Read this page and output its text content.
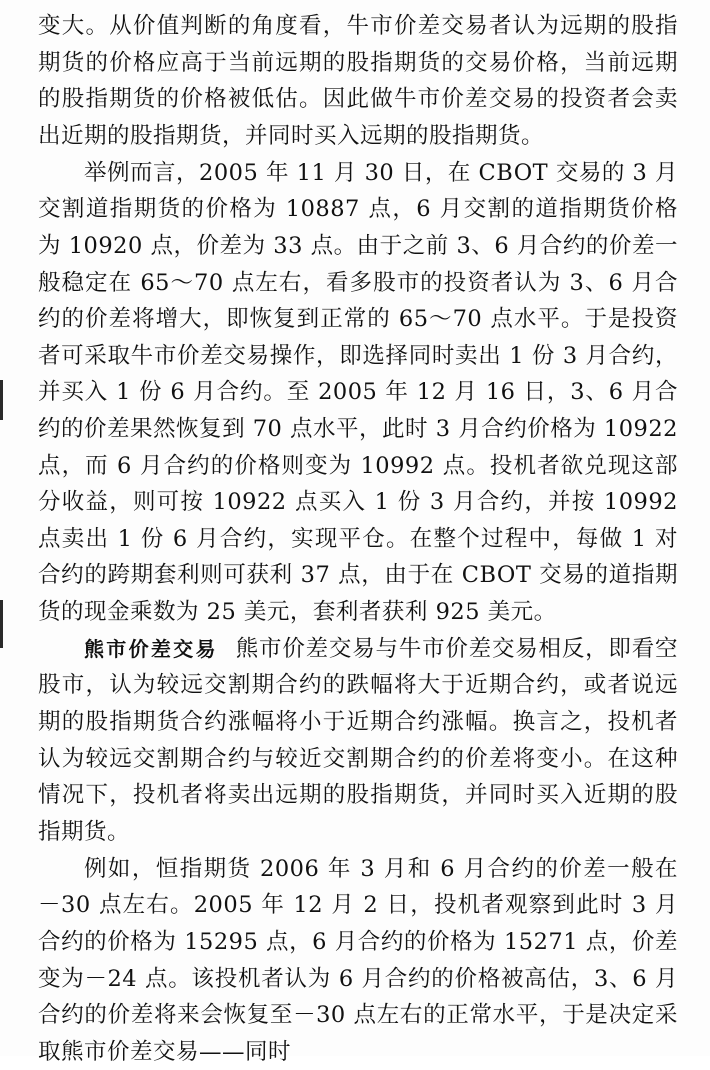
变大。从价值判断的角度看，牛市价差交易者认为远期的股指期货的价格应高于当前远期的股指期货的交易价格，当前远期的股指期货的价格被低估。因此做牛市价差交易的投资者会卖出近期的股指期货，并同时买入远期的股指期货。

举例而言，2005 年 11 月 30 日，在 CBOT 交易的 3 月交割道指期货的价格为 10887 点，6 月交割的道指期货价格为 10920 点，价差为 33 点。由于之前 3、6 月合约的价差一般稳定在 65～70 点左右，看多股市的投资者认为 3、6 月合约的价差将增大，即恢复到正常的 65～70 点水平。于是投资者可采取牛市价差交易操作，即选择同时卖出 1 份 3 月合约，并买入 1 份 6 月合约。至 2005 年 12 月 16 日，3、6 月合约的价差果然恢复到 70 点水平，此时 3 月合约价格为 10922 点，而 6 月合约的价格则变为 10992 点。投机者欲兑现这部分收益，则可按 10922 点买入 1 份 3 月合约，并按 10992 点卖出 1 份 6 月合约，实现平仓。在整个过程中，每做 1 对合约的跨期套利则可获利 37 点，由于在 CBOT 交易的道指期货的现金乘数为 25 美元，套利者获利 925 美元。

熊市价差交易 熊市价差交易与牛市价差交易相反，即看空股市，认为较远交割期合约的跌幅将大于近期合约，或者说远期的股指期货合约涨幅将小于近期合约涨幅。换言之，投机者认为较远交割期合约与较近交割期合约的价差将变小。在这种情况下，投机者将卖出远期的股指期货，并同时买入近期的股指期货。

例如，恒指期货 2006 年 3 月和 6 月合约的价差一般在－30 点左右。2005 年 12 月 2 日，投机者观察到此时 3 月合约的价格为 15295 点，6 月合约的价格为 15271 点，价差变为－24 点。该投机者认为 6 月合约的价格被高估，3、6 月合约的价差将来会恢复至－30 点左右的正常水平，于是决定采取熊市价差交易——同时
